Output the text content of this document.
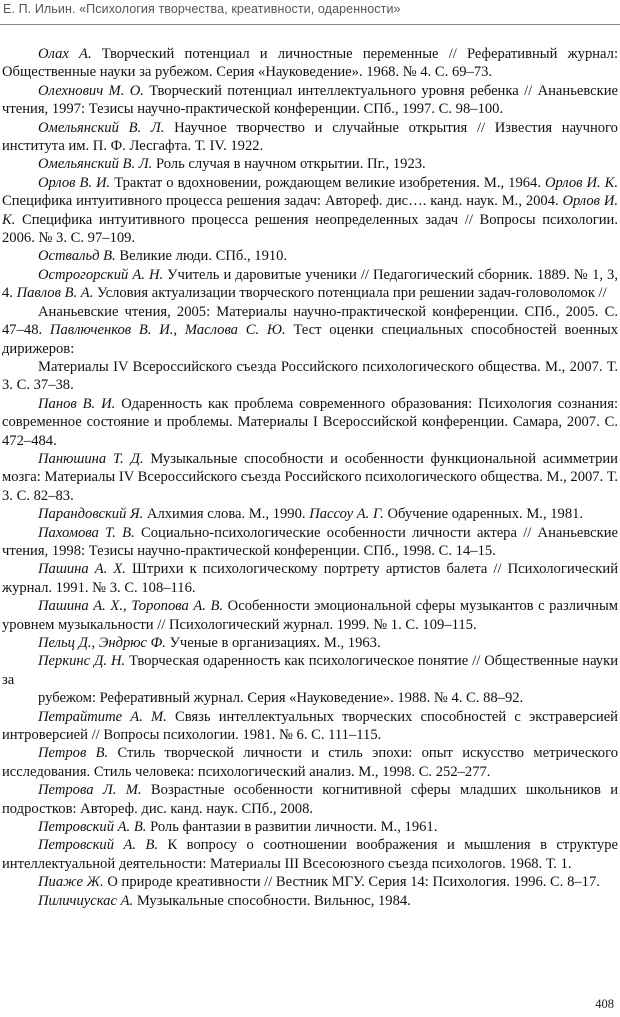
Е. П. Ильин. «Психология творчества, креативности, одаренности»

Олах А. Творческий потенциал и личностные переменные // Реферативный журнал: Общественные науки за рубежом. Серия «Науковедение». 1968. № 4. С. 69–73.

Олехнович М. О. Творческий потенциал интеллектуального уровня ребенка // Ананьевские чтения, 1997: Тезисы научно-практической конференции. СПб., 1997. С. 98–100.

Омельянский В. Л. Научное творчество и случайные открытия // Известия научного института им. П. Ф. Лесгафта. Т. IV. 1922.

Омельянский В. Л. Роль случая в научном открытии. Пг., 1923.

Орлов В. И. Трактат о вдохновении, рождающем великие изобретения. М., 1964. Орлов И. К. Специфика интуитивного процесса решения задач: Автореф. дис…. канд. наук. М., 2004. Орлов И. К. Специфика интуитивного процесса решения неопределенных задач // Вопросы психологии. 2006. № 3. С. 97–109.

Оствальд В. Великие люди. СПб., 1910.

Острогорский А. Н. Учитель и даровитые ученики // Педагогический сборник. 1889. № 1, 3, 4. Павлов В. А. Условия актуализации творческого потенциала при решении задач-головоломок //

Ананьевские чтения, 2005: Материалы научно-практической конференции. СПб., 2005. С. 47–48. Павлюченков В. И., Маслова С. Ю. Тест оценки специальных способностей военных дирижеров:

Материалы IV Всероссийского съезда Российского психологического общества. М., 2007. Т. 3. С. 37–38.

Панов В. И. Одаренность как проблема современного образования: Психология сознания: современное состояние и проблемы. Материалы I Всероссийской конференции. Самара, 2007. С. 472–484.

Панюшина Т. Д. Музыкальные способности и особенности функциональной асимметрии мозга: Материалы IV Всероссийского съезда Российского психологического общества. М., 2007. Т. 3. С. 82–83.

Парандовский Я. Алхимия слова. М., 1990. Пассоу А. Г. Обучение одаренных. М., 1981.

Пахомова Т. В. Социально-психологические особенности личности актера // Ананьевские чтения, 1998: Тезисы научно-практической конференции. СПб., 1998. С. 14–15.

Пашина А. Х. Штрихи к психологическому портрету артистов балета // Психологический журнал. 1991. № 3. С. 108–116.

Пашина А. Х., Торопова А. В. Особенности эмоциональной сферы музыкантов с различным уровнем музыкальности // Психологический журнал. 1999. № 1. С. 109–115.

Пельц Д., Эндрюс Ф. Ученые в организациях. М., 1963.

Перкинс Д. Н. Творческая одаренность как психологическое понятие // Общественные науки за

рубежом: Реферативный журнал. Серия «Науковедение». 1988. № 4. С. 88–92.

Петрайтите А. М. Связь интеллектуальных творческих способностей с экстраверсией интроверсией // Вопросы психологии. 1981. № 6. С. 111–115.

Петров В. Стиль творческой личности и стиль эпохи: опыт искусство метрического исследования. Стиль человека: психологический анализ. М., 1998. С. 252–277.

Петрова Л. М. Возрастные особенности когнитивной сферы младших школьников и подростков: Автореф. дис. канд. наук. СПб., 2008.

Петровский А. В. Роль фантазии в развитии личности. М., 1961.

Петровский А. В. К вопросу о соотношении воображения и мышления в структуре интеллектуальной деятельности: Материалы III Всесоюзного съезда психологов. 1968. Т. 1.

Пиаже Ж. О природе креативности // Вестник МГУ. Серия 14: Психология. 1996. С. 8–17.

Пиличиускас А. Музыкальные способности. Вильнюс, 1984.

408
